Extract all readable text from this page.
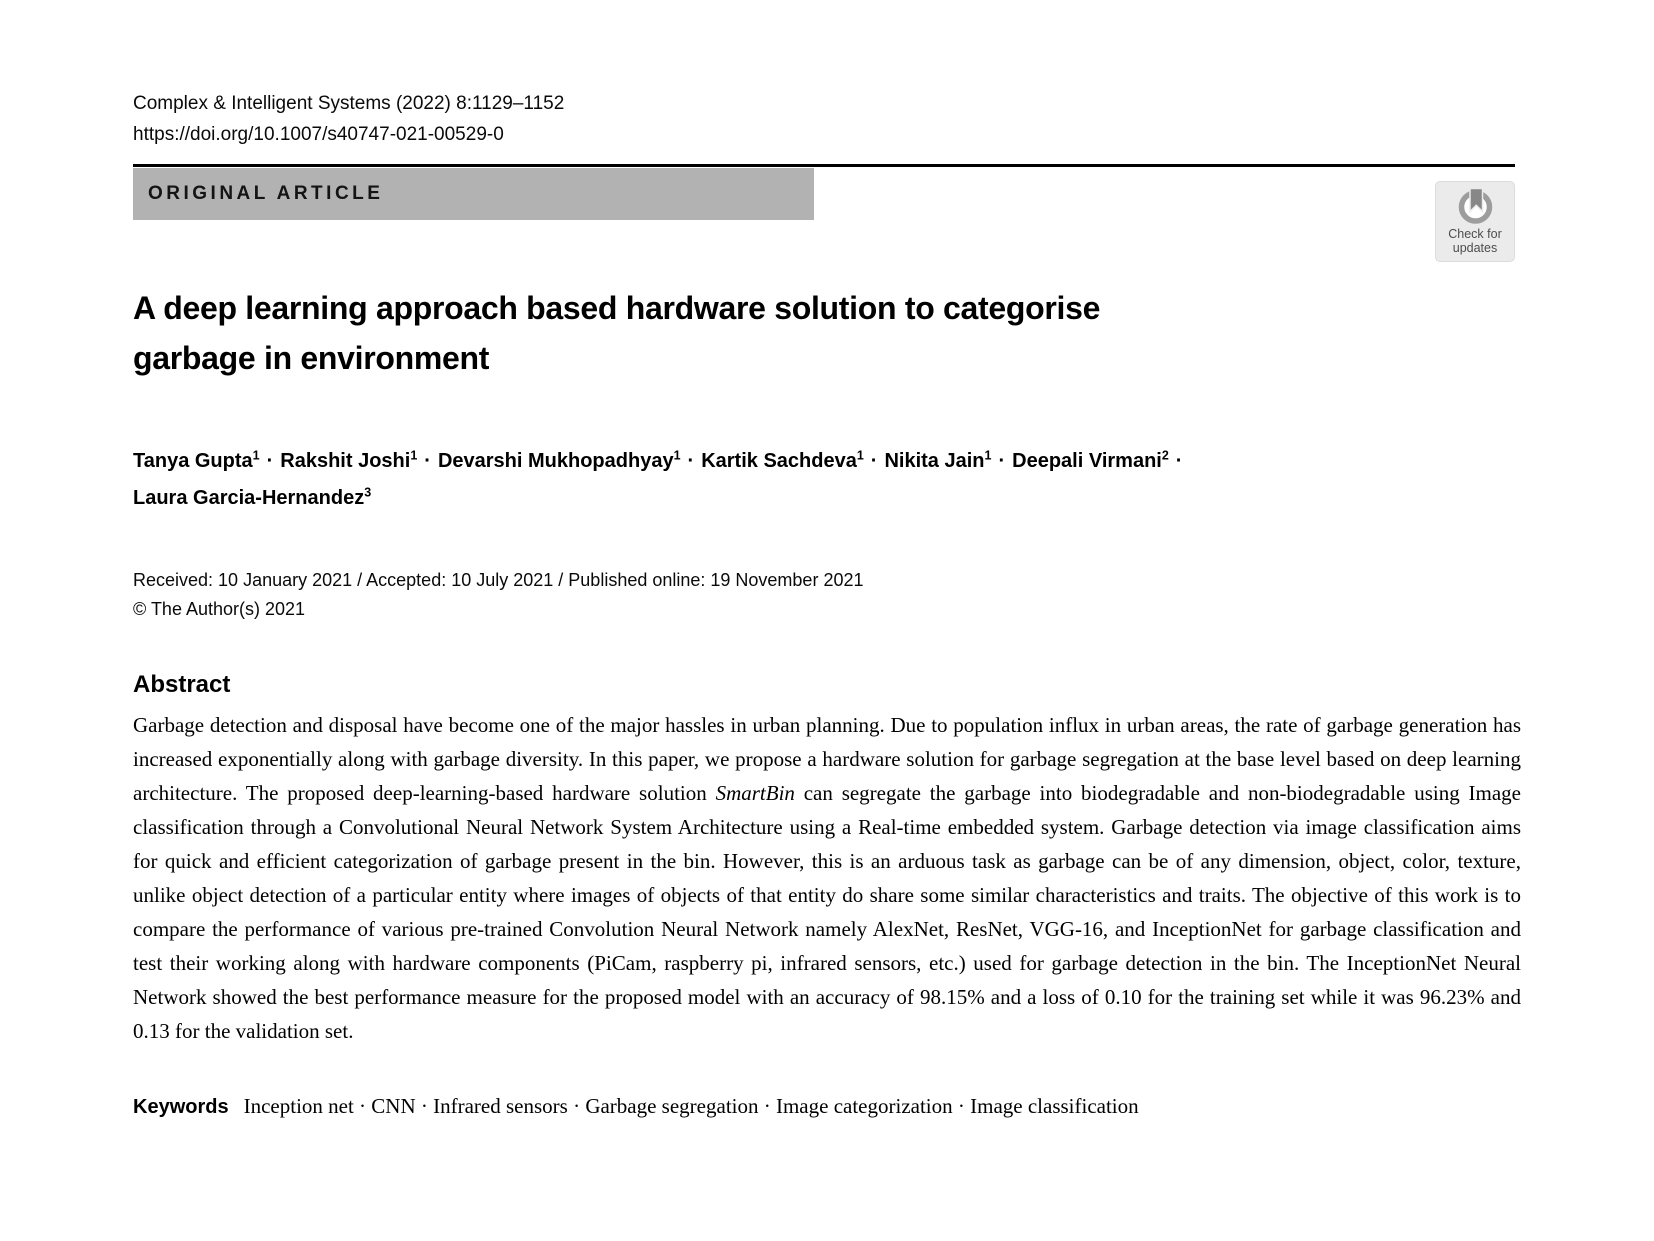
Complex & Intelligent Systems (2022) 8:1129–1152
https://doi.org/10.1007/s40747-021-00529-0
ORIGINAL ARTICLE
Check for
updates
A deep learning approach based hardware solution to categorise
garbage in environment
Tanya Gupta$^1$ · Rakshit Joshi$^1$ · Devarshi Mukhopadhyay$^1$ · Kartik Sachdeva$^1$ · Nikita Jain$^1$ · Deepali Virmani$^2$ ·
Laura Garcia-Hernandez$^3$
Received: 10 January 2021 / Accepted: 10 July 2021 / Published online: 19 November 2021
© The Author(s) 2021
Abstract

Garbage detection and disposal have become one of the major hassles in urban planning. Due to population influx in urban areas, the rate of garbage generation has increased exponentially along with garbage diversity. In this paper, we propose a hardware solution for garbage segregation at the base level based on deep learning architecture. The proposed deep-learning-based hardware solution SmartBin can segregate the garbage into biodegradable and non-biodegradable using Image classification through a Convolutional Neural Network System Architecture using a Real-time embedded system. Garbage detection via image classification aims for quick and efficient categorization of garbage present in the bin. However, this is an arduous task as garbage can be of any dimension, object, color, texture, unlike object detection of a particular entity where images of objects of that entity do share some similar characteristics and traits. The objective of this work is to compare the performance of various pre-trained Convolution Neural Network namely AlexNet, ResNet, VGG-16, and InceptionNet for garbage classification and test their working along with hardware components (PiCam, raspberry pi, infrared sensors, etc.) used for garbage detection in the bin. The InceptionNet Neural Network showed the best performance measure for the proposed model with an accuracy of 98.15% and a loss of 0.10 for the training set while it was 96.23% and 0.13 for the validation set.

Keywords Inception net · CNN · Infrared sensors · Garbage segregation · Image categorization · Image classification
